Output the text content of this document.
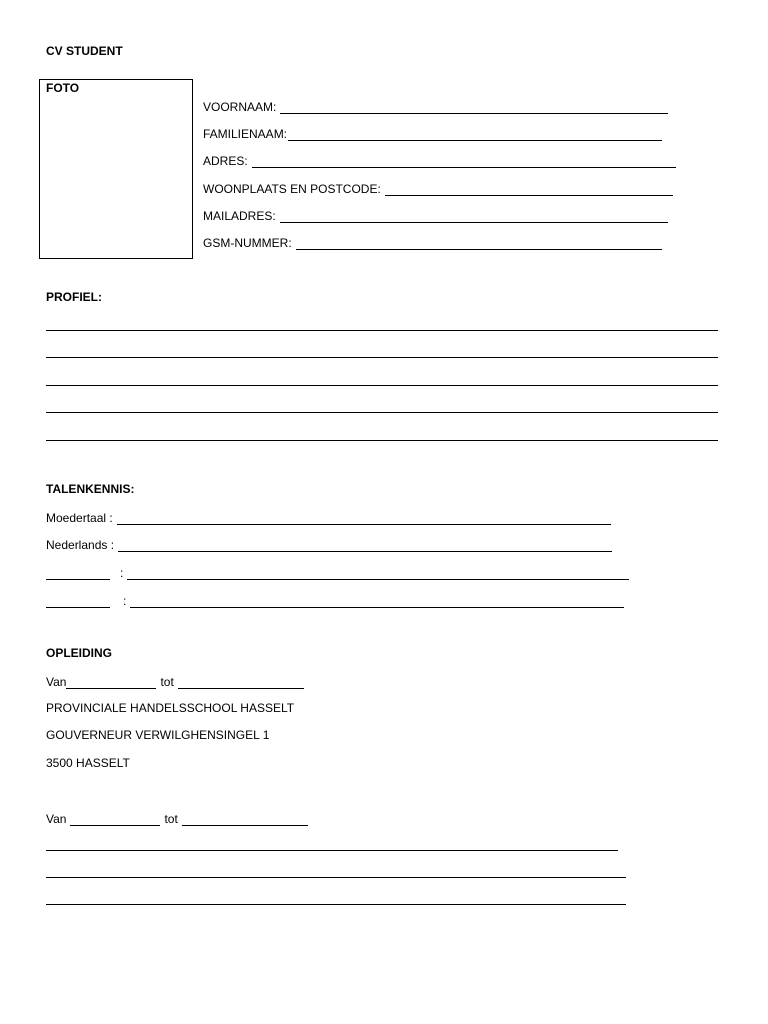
CV STUDENT
FOTO
VOORNAAM:
FAMILIENAAM:
ADRES:
WOONPLAATS EN POSTCODE:
MAILADRES:
GSM-NUMMER:
PROFIEL:
TALENKENNIS:
Moedertaal :
Nederlands :
:
:
OPLEIDING
Van	tot
PROVINCIALE HANDELSSCHOOL HASSELT
GOUVERNEUR VERWILGHENSINGEL 1
3500 HASSELT
Van	tot
